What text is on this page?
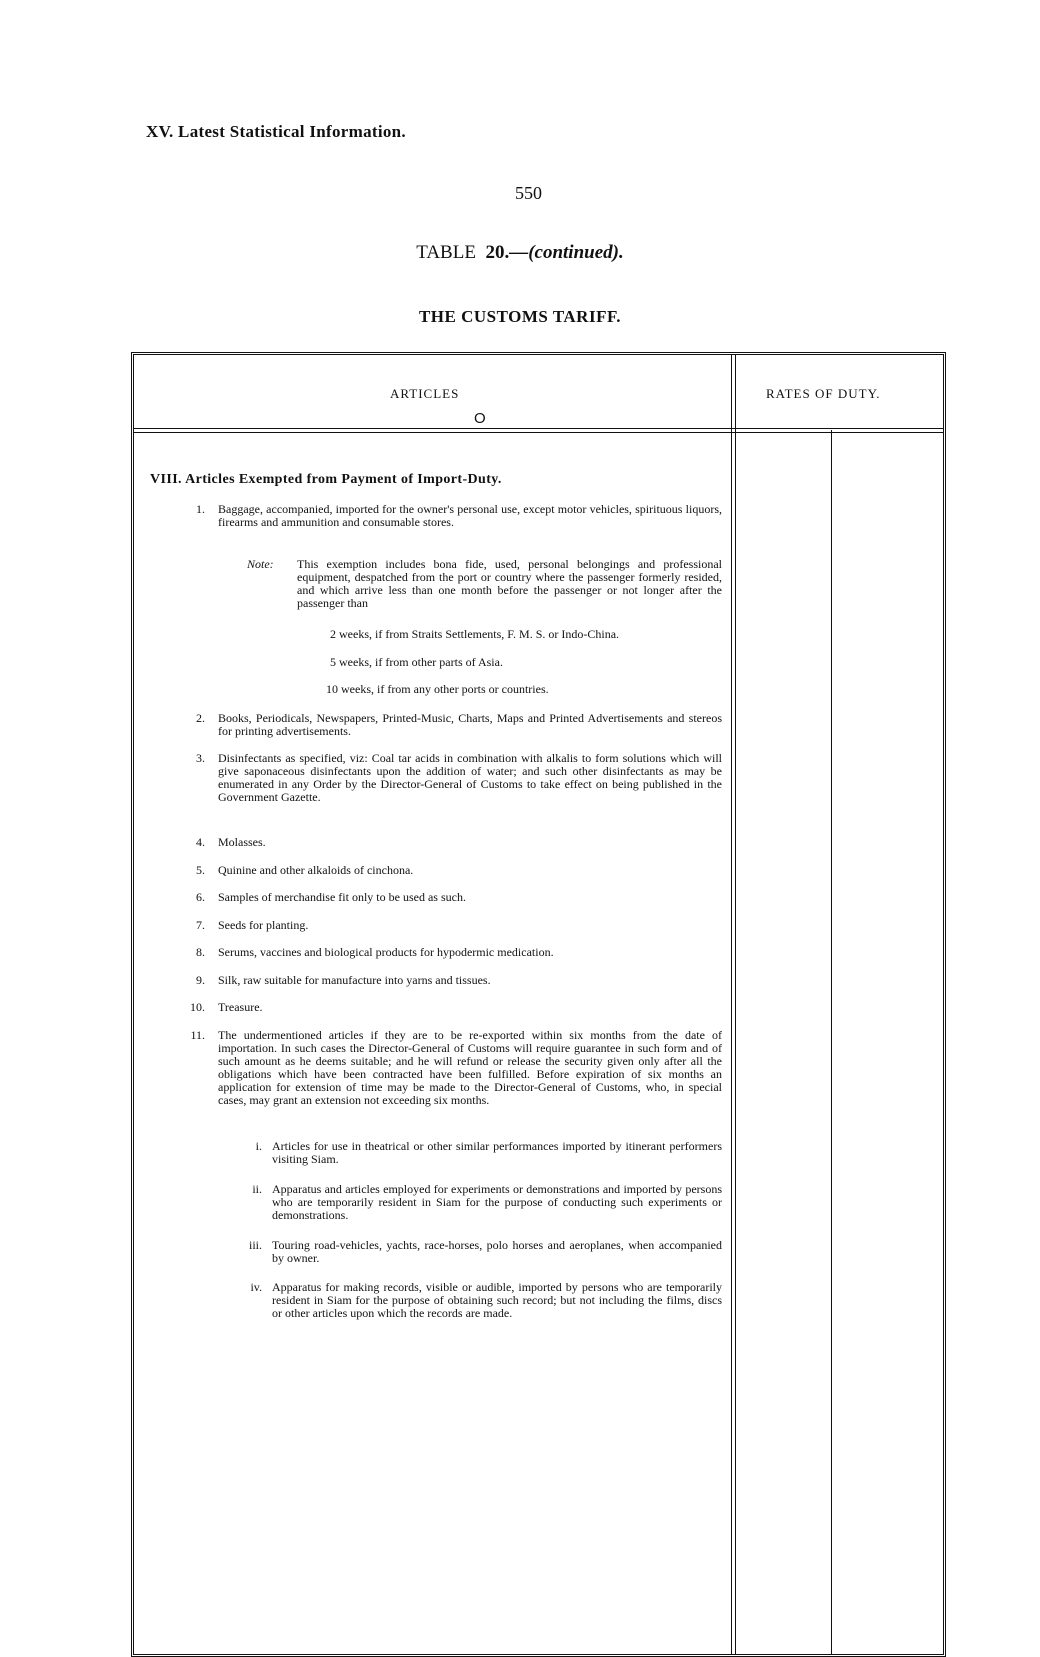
XV. Latest Statistical Information.
550
TABLE 20.—(continued).
THE CUSTOMS TARIFF.
ARTICLES	RATES OF DUTY.
O
VIII. Articles Exempted from Payment of Import-Duty.
1. Baggage, accompanied, imported for the owner's personal use, except motor vehicles, spirituous liquors, firearms and ammunition and consumable stores.
Note: This exemption includes bona fide, used, personal belongings and professional equipment, despatched from the port or country where the passenger formerly resided, and which arrive less than one month before the passenger or not longer after the passenger than
2 weeks, if from Straits Settlements, F. M. S. or Indo-China.
5 weeks, if from other parts of Asia.
10 weeks, if from any other ports or countries.
2. Books, Periodicals, Newspapers, Printed-Music, Charts, Maps and Printed Advertisements and stereos for printing advertisements.
3. Disinfectants as specified, viz: Coal tar acids in combination with alkalis to form solutions which will give saponaceous disinfectants upon the addition of water; and such other disinfectants as may be enumerated in any Order by the Director-General of Customs to take effect on being published in the Government Gazette.
4. Molasses.
5. Quinine and other alkaloids of cinchona.
6. Samples of merchandise fit only to be used as such.
7. Seeds for planting.
8. Serums, vaccines and biological products for hypodermic medication.
9. Silk, raw suitable for manufacture into yarns and tissues.
10. Treasure.
11. The undermentioned articles if they are to be re-exported within six months from the date of importation. In such cases the Director-General of Customs will require guarantee in such form and of such amount as he deems suitable; and he will refund or release the security given only after all the obligations which have been contracted have been fulfilled. Before expiration of six months an application for extension of time may be made to the Director-General of Customs, who, in special cases, may grant an extension not exceeding six months.
i. Articles for use in theatrical or other similar performances imported by itinerant performers visiting Siam.
ii. Apparatus and articles employed for experiments or demonstrations and imported by persons who are temporarily resident in Siam for the purpose of conducting such experiments or demonstrations.
iii. Touring road-vehicles, yachts, race-horses, polo horses and aeroplanes, when accompanied by owner.
iv. Apparatus for making records, visible or audible, imported by persons who are temporarily resident in Siam for the purpose of obtaining such record; but not including the films, discs or other articles upon which the records are made.
